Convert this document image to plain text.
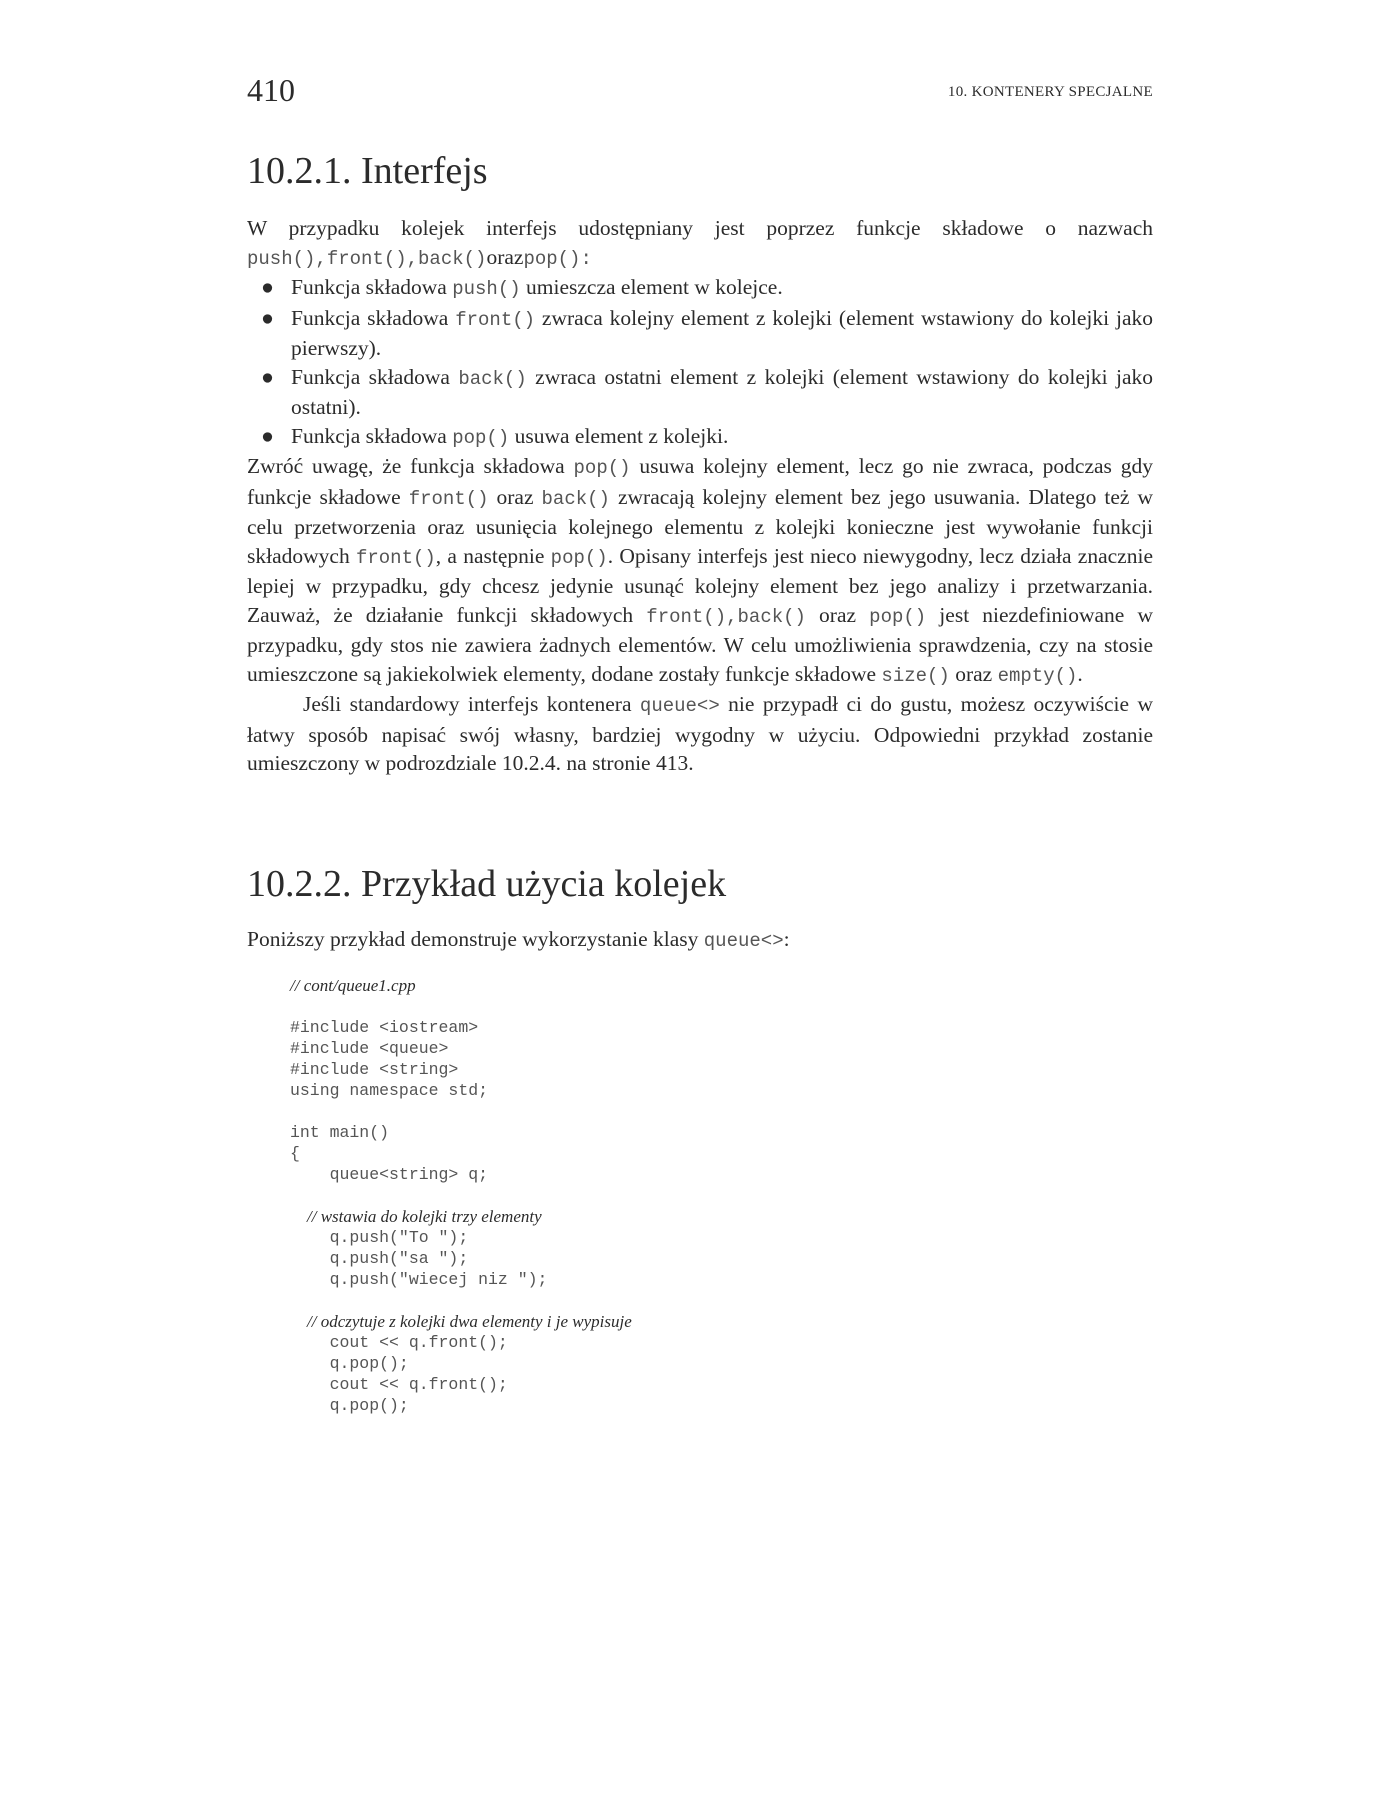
410	10. KONTENERY SPECJALNE
10.2.1. Interfejs

W przypadku kolejek interfejs udostępniany jest poprzez funkcje składowe o nazwach push(),front(),back()orazpop():

● Funkcja składowa push() umieszcza element w kolejce.
● Funkcja składowa front() zwraca kolejny element z kolejki (element wstawiony do kolejki jako pierwszy).
● Funkcja składowa back() zwraca ostatni element z kolejki (element wstawiony do kolejki jako ostatni).
● Funkcja składowa pop() usuwa element z kolejki.

Zwróć uwagę, że funkcja składowa pop() usuwa kolejny element, lecz go nie zwraca, podczas gdy funkcje składowe front() oraz back() zwracają kolejny element bez jego usuwania. Dlatego też w celu przetworzenia oraz usunięcia kolejnego elementu z kolejki konieczne jest wywołanie funkcji składowych front(), a następnie pop(). Opisany interfejs jest nieco niewygodny, lecz działa znacznie lepiej w przypadku, gdy chcesz jedynie usunąć kolejny element bez jego analizy i przetwarzania. Zauważ, że działanie funkcji składowych front(),back() oraz pop() jest niezdefiniowane w przypadku, gdy stos nie zawiera żadnych elementów. W celu umożliwienia sprawdzenia, czy na stosie umieszczone są jakiekolwiek elementy, dodane zostały funkcje składowe size() oraz empty().

Jeśli standardowy interfejs kontenera queue<> nie przypadł ci do gustu, możesz oczywiście w łatwy sposób napisać swój własny, bardziej wygodny w użyciu. Odpowiedni przykład zostanie umieszczony w podrozdziale 10.2.4. na stronie 413.

10.2.2. Przykład użycia kolejek

Poniższy przykład demonstruje wykorzystanie klasy queue<>:

// cont/queue1.cpp
#include <iostream>
#include <queue>
#include <string>
using namespace std;
int main()
{
queue<string> q;
// wstawia do kolejki trzy elementy
q.push("To ");
q.push("sa ");
q.push("wiecej niz ");
// odczytuje z kolejki dwa elementy i je wypisuje
cout << q.front();
q.pop();
cout << q.front();
q.pop();
